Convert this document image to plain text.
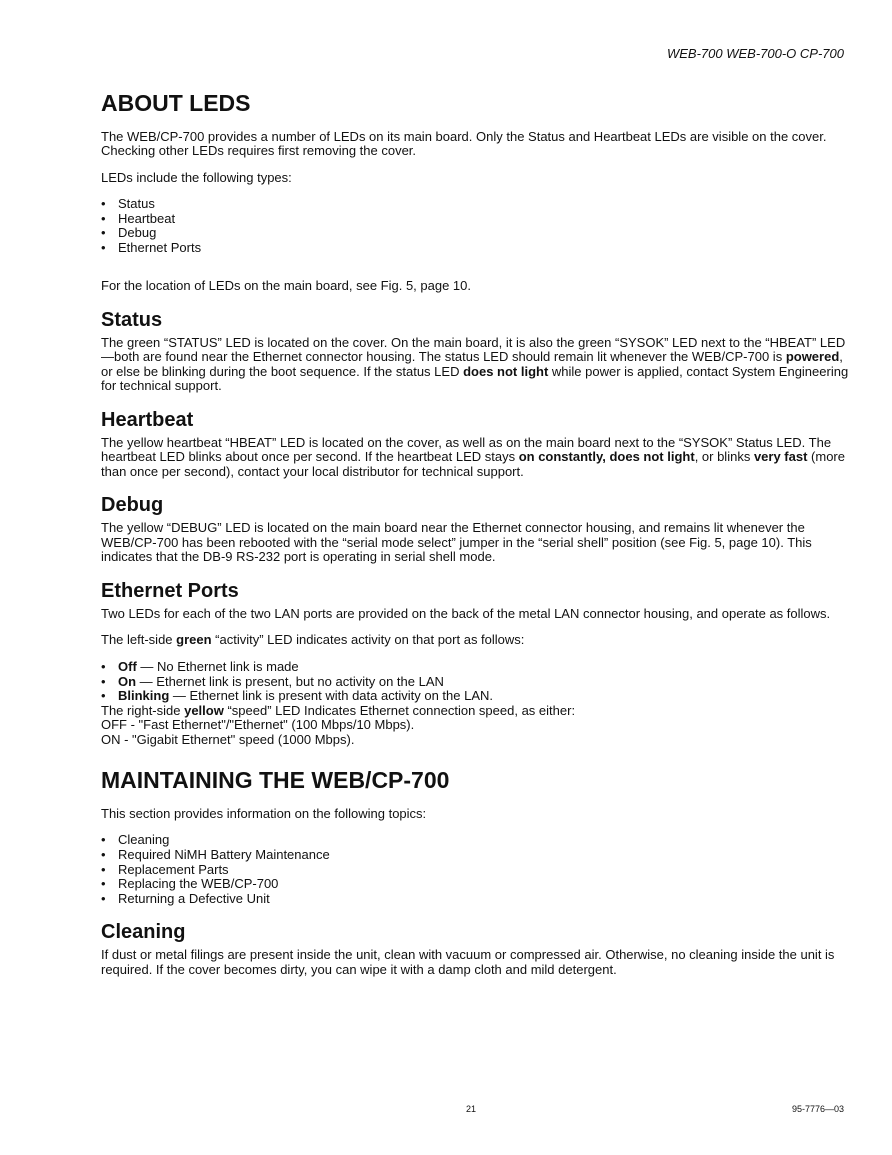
WEB-700 WEB-700-O CP-700
ABOUT LEDS

The WEB/CP-700 provides a number of LEDs on its main board. Only the Status and Heartbeat LEDs are visible on the cover. Checking other LEDs requires first removing the cover.

LEDs include the following types:

• Status
• Heartbeat
• Debug
• Ethernet Ports

For the location of LEDs on the main board, see Fig. 5, page 10.

Status

The green “STATUS” LED is located on the cover. On the main board, it is also the green “SYSOK” LED next to the “HBEAT” LED—both are found near the Ethernet connector housing. The status LED should remain lit whenever the WEB/CP-700 is powered, or else be blinking during the boot sequence. If the status LED does not light while power is applied, contact System Engineering for technical support.

Heartbeat

The yellow heartbeat “HBEAT” LED is located on the cover, as well as on the main board next to the “SYSOK” Status LED. The heartbeat LED blinks about once per second. If the heartbeat LED stays on constantly, does not light, or blinks very fast (more than once per second), contact your local distributor for technical support.

Debug

The yellow “DEBUG” LED is located on the main board near the Ethernet connector housing, and remains lit whenever the WEB/CP-700 has been rebooted with the “serial mode select” jumper in the “serial shell” position (see Fig. 5, page 10). This indicates that the DB-9 RS-232 port is operating in serial shell mode.

Ethernet Ports

Two LEDs for each of the two LAN ports are provided on the back of the metal LAN connector housing, and operate as follows.

The left-side green “activity” LED indicates activity on that port as follows:

• Off — No Ethernet link is made
• On — Ethernet link is present, but no activity on the LAN
• Blinking — Ethernet link is present with data activity on the LAN.

The right-side yellow “speed” LED Indicates Ethernet connection speed, as either:

OFF - "Fast Ethernet"/"Ethernet" (100 Mbps/10 Mbps).

ON - "Gigabit Ethernet" speed (1000 Mbps).

MAINTAINING THE WEB/CP-700

This section provides information on the following topics:

• Cleaning
• Required NiMH Battery Maintenance
• Replacement Parts
• Replacing the WEB/CP-700
• Returning a Defective Unit
Cleaning

If dust or metal filings are present inside the unit, clean with vacuum or compressed air. Otherwise, no cleaning inside the unit is required. If the cover becomes dirty, you can wipe it with a damp cloth and mild detergent.

21	95-7776—03
